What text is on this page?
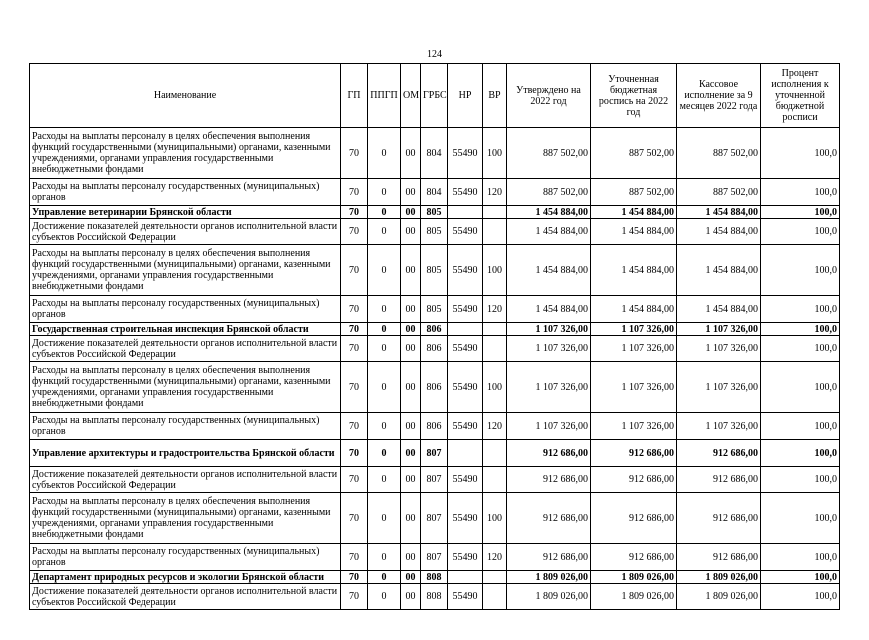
124
Наименование	ГП	ППГП	ОМ	ГРБС	НР	ВР	Утверждено на 2022 год	Уточненная бюджетная роспись на 2022 год	Кассовое исполнение за 9 месяцев 2022 года	Процент исполнения к уточненной бюджетной росписи
Расходы на выплаты персоналу в целях обеспечения выполнения функций государственными (муниципальными) органами, казенными учреждениями, органами управления государственными внебюджетными фондами	70	0	00	804	55490	100	887 502,00	887 502,00	887 502,00	100,0
Расходы на выплаты персоналу государственных (муниципальных) органов	70	0	00	804	55490	120	887 502,00	887 502,00	887 502,00	100,0
Управление ветеринарии Брянской области	70	0	00	805			1 454 884,00	1 454 884,00	1 454 884,00	100,0
Достижение показателей деятельности органов исполнительной власти субъектов Российской Федерации	70	0	00	805	55490		1 454 884,00	1 454 884,00	1 454 884,00	100,0
Расходы на выплаты персоналу в целях обеспечения выполнения функций государственными (муниципальными) органами, казенными учреждениями, органами управления государственными внебюджетными фондами	70	0	00	805	55490	100	1 454 884,00	1 454 884,00	1 454 884,00	100,0
Расходы на выплаты персоналу государственных (муниципальных) органов	70	0	00	805	55490	120	1 454 884,00	1 454 884,00	1 454 884,00	100,0
Государственная строительная инспекция Брянской области	70	0	00	806			1 107 326,00	1 107 326,00	1 107 326,00	100,0
Достижение показателей деятельности органов исполнительной власти субъектов Российской Федерации	70	0	00	806	55490		1 107 326,00	1 107 326,00	1 107 326,00	100,0
Расходы на выплаты персоналу в целях обеспечения выполнения функций государственными (муниципальными) органами, казенными учреждениями, органами управления государственными внебюджетными фондами	70	0	00	806	55490	100	1 107 326,00	1 107 326,00	1 107 326,00	100,0
Расходы на выплаты персоналу государственных (муниципальных) органов	70	0	00	806	55490	120	1 107 326,00	1 107 326,00	1 107 326,00	100,0
Управление архитектуры и градостроительства Брянской области	70	0	00	807			912 686,00	912 686,00	912 686,00	100,0
Достижение показателей деятельности органов исполнительной власти субъектов Российской Федерации	70	0	00	807	55490		912 686,00	912 686,00	912 686,00	100,0
Расходы на выплаты персоналу в целях обеспечения выполнения функций государственными (муниципальными) органами, казенными учреждениями, органами управления государственными внебюджетными фондами	70	0	00	807	55490	100	912 686,00	912 686,00	912 686,00	100,0
Расходы на выплаты персоналу государственных (муниципальных) органов	70	0	00	807	55490	120	912 686,00	912 686,00	912 686,00	100,0
Департамент природных ресурсов и экологии Брянской области	70	0	00	808			1 809 026,00	1 809 026,00	1 809 026,00	100,0
Достижение показателей деятельности органов исполнительной власти субъектов Российской Федерации	70	0	00	808	55490		1 809 026,00	1 809 026,00	1 809 026,00	100,0
